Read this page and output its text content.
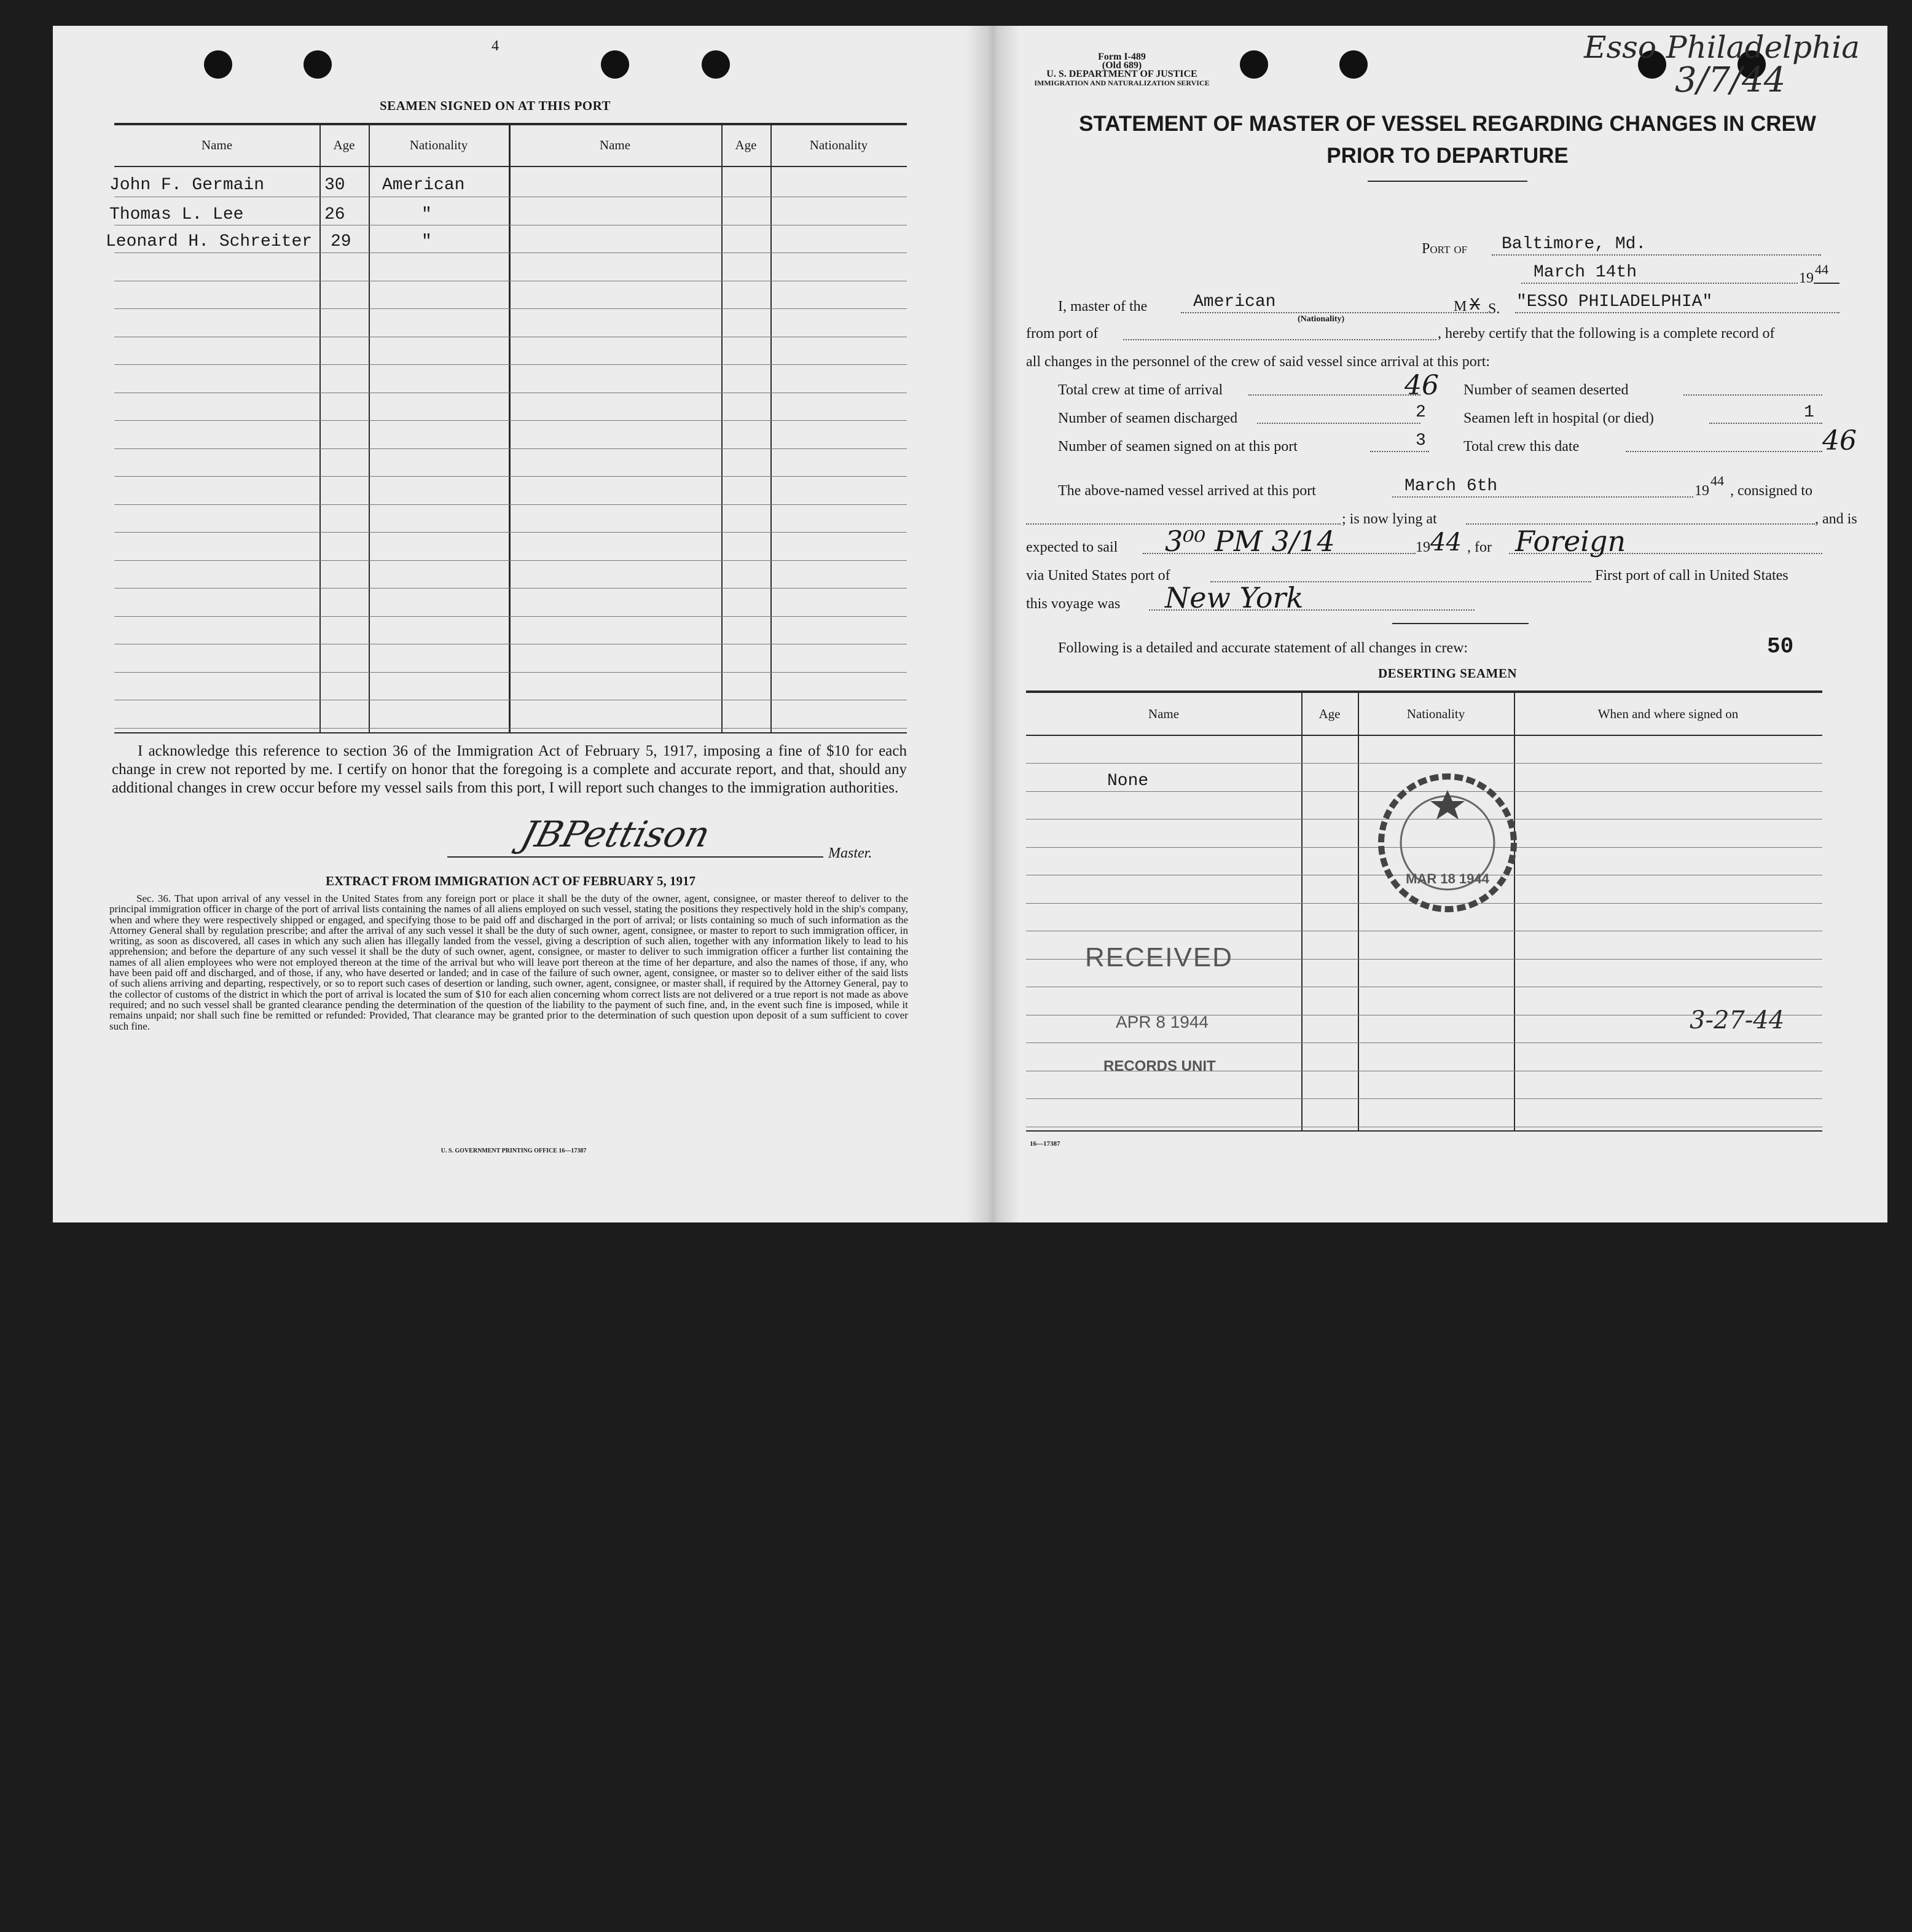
4
SEAMEN SIGNED ON AT THIS PORT
Name	Age	Nationality	Name	Age	Nationality
John F. Germain	30 American
Thomas L. Lee	26	"
Leonard H. Schreiter 29	"
I acknowledge this reference to section 36 of the Immigration Act of February 5, 1917, imposing a fine of $10 for each change in crew not reported by me. I certify on honor that the foregoing is a complete and accurate report, and that, should any additional changes in crew occur before my vessel sails from this port, I will report such changes to the immigration authorities.
JBPettison	Master.
EXTRACT FROM IMMIGRATION ACT OF FEBRUARY 5, 1917
Sec. 36. That upon arrival of any vessel in the United States from any foreign port or place it shall be the duty of the owner, agent, consignee, or master thereof to deliver to the principal immigration officer in charge of the port of arrival lists containing the names of all aliens employed on such vessel, stating the positions they respectively hold in the ship's company, when and where they were respectively shipped or engaged, and specifying those to be paid off and discharged in the port of arrival; or lists containing so much of such information as the Attorney General shall by regulation prescribe; and after the arrival of any such vessel it shall be the duty of such owner, agent, consignee, or master to report to such immigration officer, in writing, as soon as discovered, all cases in which any such alien has illegally landed from the vessel, giving a description of such alien, together with any information likely to lead to his apprehension; and before the departure of any such vessel it shall be the duty of such owner, agent, consignee, or master to deliver to such immigration officer a further list containing the names of all alien employees who were not employed thereon at the time of the arrival but who will leave port thereon at the time of her departure, and also the names of those, if any, who have been paid off and discharged, and of those, if any, who have deserted or landed; and in case of the failure of such owner, agent, consignee, or master so to deliver either of the said lists of such aliens arriving and departing, respectively, or so to report such cases of desertion or landing, such owner, agent, consignee, or master shall, if required by the Attorney General, pay to the collector of customs of the district in which the port of arrival is located the sum of $10 for each alien concerning whom correct lists are not delivered or a true report is not made as above required; and no such vessel shall be granted clearance pending the determination of the question of the liability to the payment of such fine, and, in the event such fine is imposed, while it remains unpaid; nor shall such fine be remitted or refunded: Provided, That clearance may be granted prior to the determination of such question upon deposit of a sum sufficient to cover such fine.
U. S. GOVERNMENT PRINTING OFFICE 16—17387
Form I-489
(Old 689)
U. S. DEPARTMENT OF JUSTICE
IMMIGRATION AND NATURALIZATION SERVICE
Esso Philadelphia
3/7/44
STATEMENT OF MASTER OF VESSEL REGARDING CHANGES IN CREW
PRIOR TO DEPARTURE
Port of Baltimore, Md.
March 14th	19
44
I, master of the	American
(Nationality)
M X S. "ESSO PHILADELPHIA"
from port of	, hereby certify that the following is a complete record of
all changes in the personnel of the crew of said vessel since arrival at this port:
Total crew at time of arrival	46 Number of seamen deserted
Number of seamen discharged	2	Seamen left in hospital (or died)	1
Number of seamen signed on at this port	3	Total crew this date	46
The above-named vessel arrived at this port	March 6th	19
44
, consigned to
; is now lying at	, and is
expected to sail 3⁰⁰ PM 3/14	19 44 , for Foreign
via United States port of	First port of call in United States
this voyage was New York
Following is a detailed and accurate statement of all changes in crew:	50
DESERTING SEAMEN
Name	Age	Nationality	When and where signed on
None
MAR 18 1944
RECEIVED
APR 8 1944
RECORDS UNIT
3-27-44
16—17387
